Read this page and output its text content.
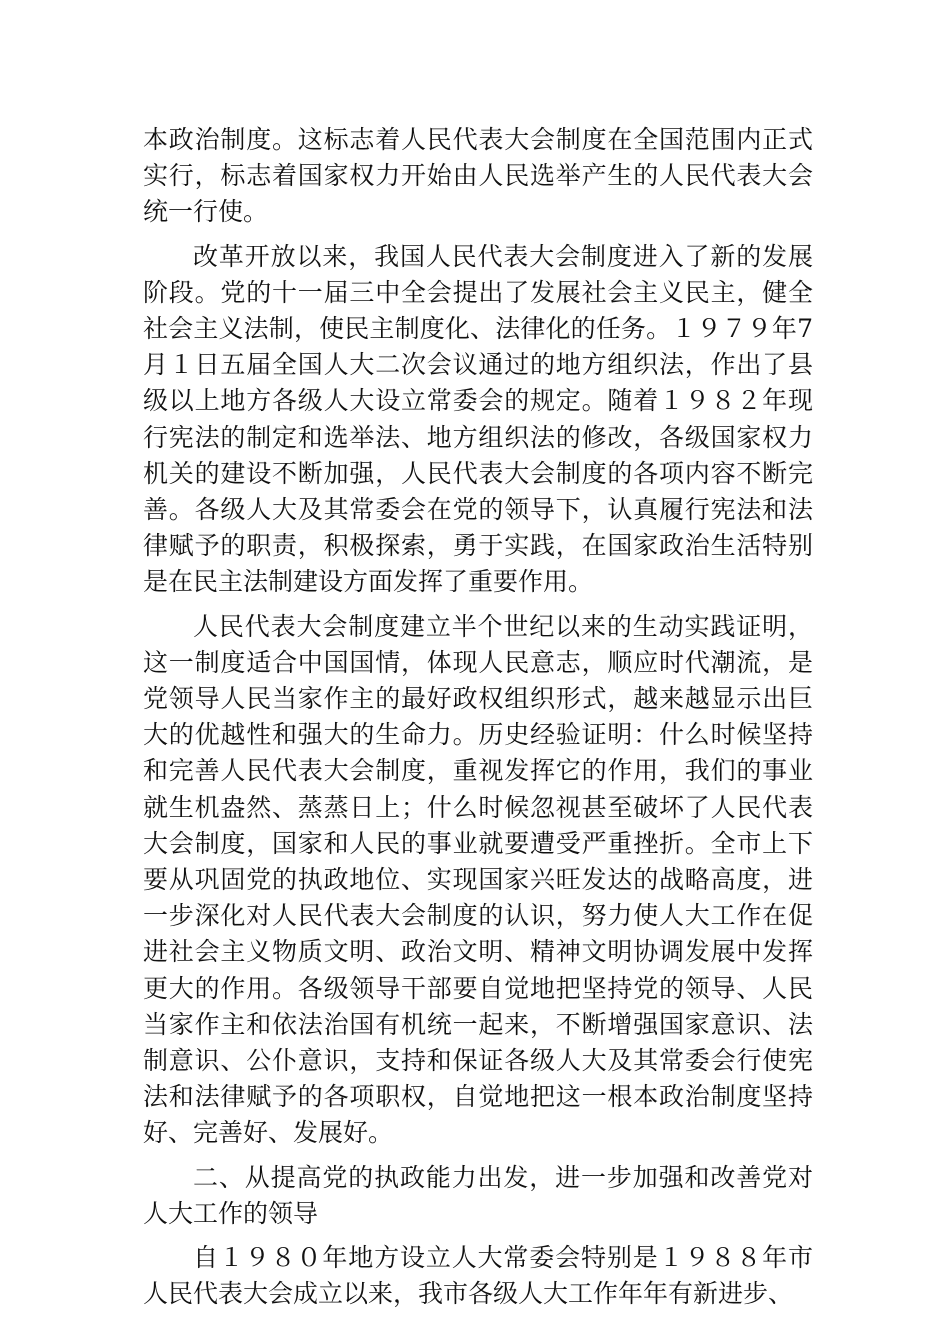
本政治制度。这标志着人民代表大会制度在全国范围内正式实行，标志着国家权力开始由人民选举产生的人民代表大会统一行使。

改革开放以来，我国人民代表大会制度进入了新的发展阶段。党的十一届三中全会提出了发展社会主义民主，健全社会主义法制，使民主制度化、法律化的任务。１９７９年7月１日五届全国人大二次会议通过的地方组织法，作出了县级以上地方各级人大设立常委会的规定。随着１９８２年现行宪法的制定和选举法、地方组织法的修改，各级国家权力机关的建设不断加强，人民代表大会制度的各项内容不断完善。各级人大及其常委会在党的领导下，认真履行宪法和法律赋予的职责，积极探索，勇于实践，在国家政治生活特别是在民主法制建设方面发挥了重要作用。

人民代表大会制度建立半个世纪以来的生动实践证明，这一制度适合中国国情，体现人民意志，顺应时代潮流，是党领导人民当家作主的最好政权组织形式，越来越显示出巨大的优越性和强大的生命力。历史经验证明：什么时候坚持和完善人民代表大会制度，重视发挥它的作用，我们的事业就生机盎然、蒸蒸日上；什么时候忽视甚至破坏了人民代表大会制度，国家和人民的事业就要遭受严重挫折。全市上下要从巩固党的执政地位、实现国家兴旺发达的战略高度，进一步深化对人民代表大会制度的认识，努力使人大工作在促进社会主义物质文明、政治文明、精神文明协调发展中发挥更大的作用。各级领导干部要自觉地把坚持党的领导、人民当家作主和依法治国有机统一起来，不断增强国家意识、法制意识、公仆意识，支持和保证各级人大及其常委会行使宪法和法律赋予的各项职权，自觉地把这一根本政治制度坚持好、完善好、发展好。

二、从提高党的执政能力出发，进一步加强和改善党对人大工作的领导

自１９８０年地方设立人大常委会特别是１９８８年市人民代表大会成立以来，我市各级人大工作年年有新进步、
